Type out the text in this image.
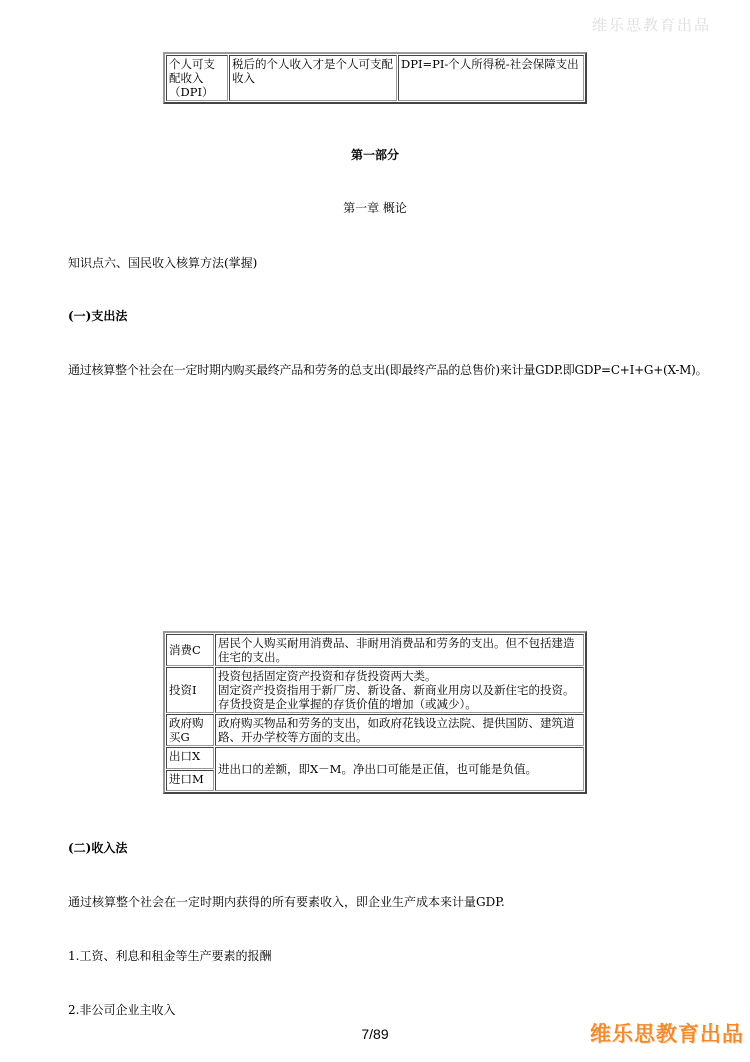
维乐思教育出品
个人可支配收入（DPI）	税后的个人收入才是个人可支配收入	DPI=PI-个人所得税-社会保障支出
第一部分
第一章 概论
知识点六、国民收入核算方法(掌握)
(一)支出法
通过核算整个社会在一定时期内购买最终产品和劳务的总支出(即最终产品的总售价)来计量GDP.即GDP=C+I+G+(X-M)。
消费C	居民个人购买耐用消费品、非耐用消费品和劳务的支出。但不包括建造住宅的支出。
投资I	投资包括固定资产投资和存货投资两大类。
固定资产投资指用于新厂房、新设备、新商业用房以及新住宅的投资。
存货投资是企业掌握的存货价值的增加（或减少）。

政府购买G	政府购买物品和劳务的支出，如政府花钱设立法院、提供国防、建筑道路、开办学校等方面的支出。
出口X	进出口的差额，即X－M。净出口可能是正值，也可能是负值。
进口M	
(二)收入法
通过核算整个社会在一定时期内获得的所有要素收入，即企业生产成本来计量GDP.
1.工资、利息和租金等生产要素的报酬
2.非公司企业主收入
7/89	维乐思教育出品
